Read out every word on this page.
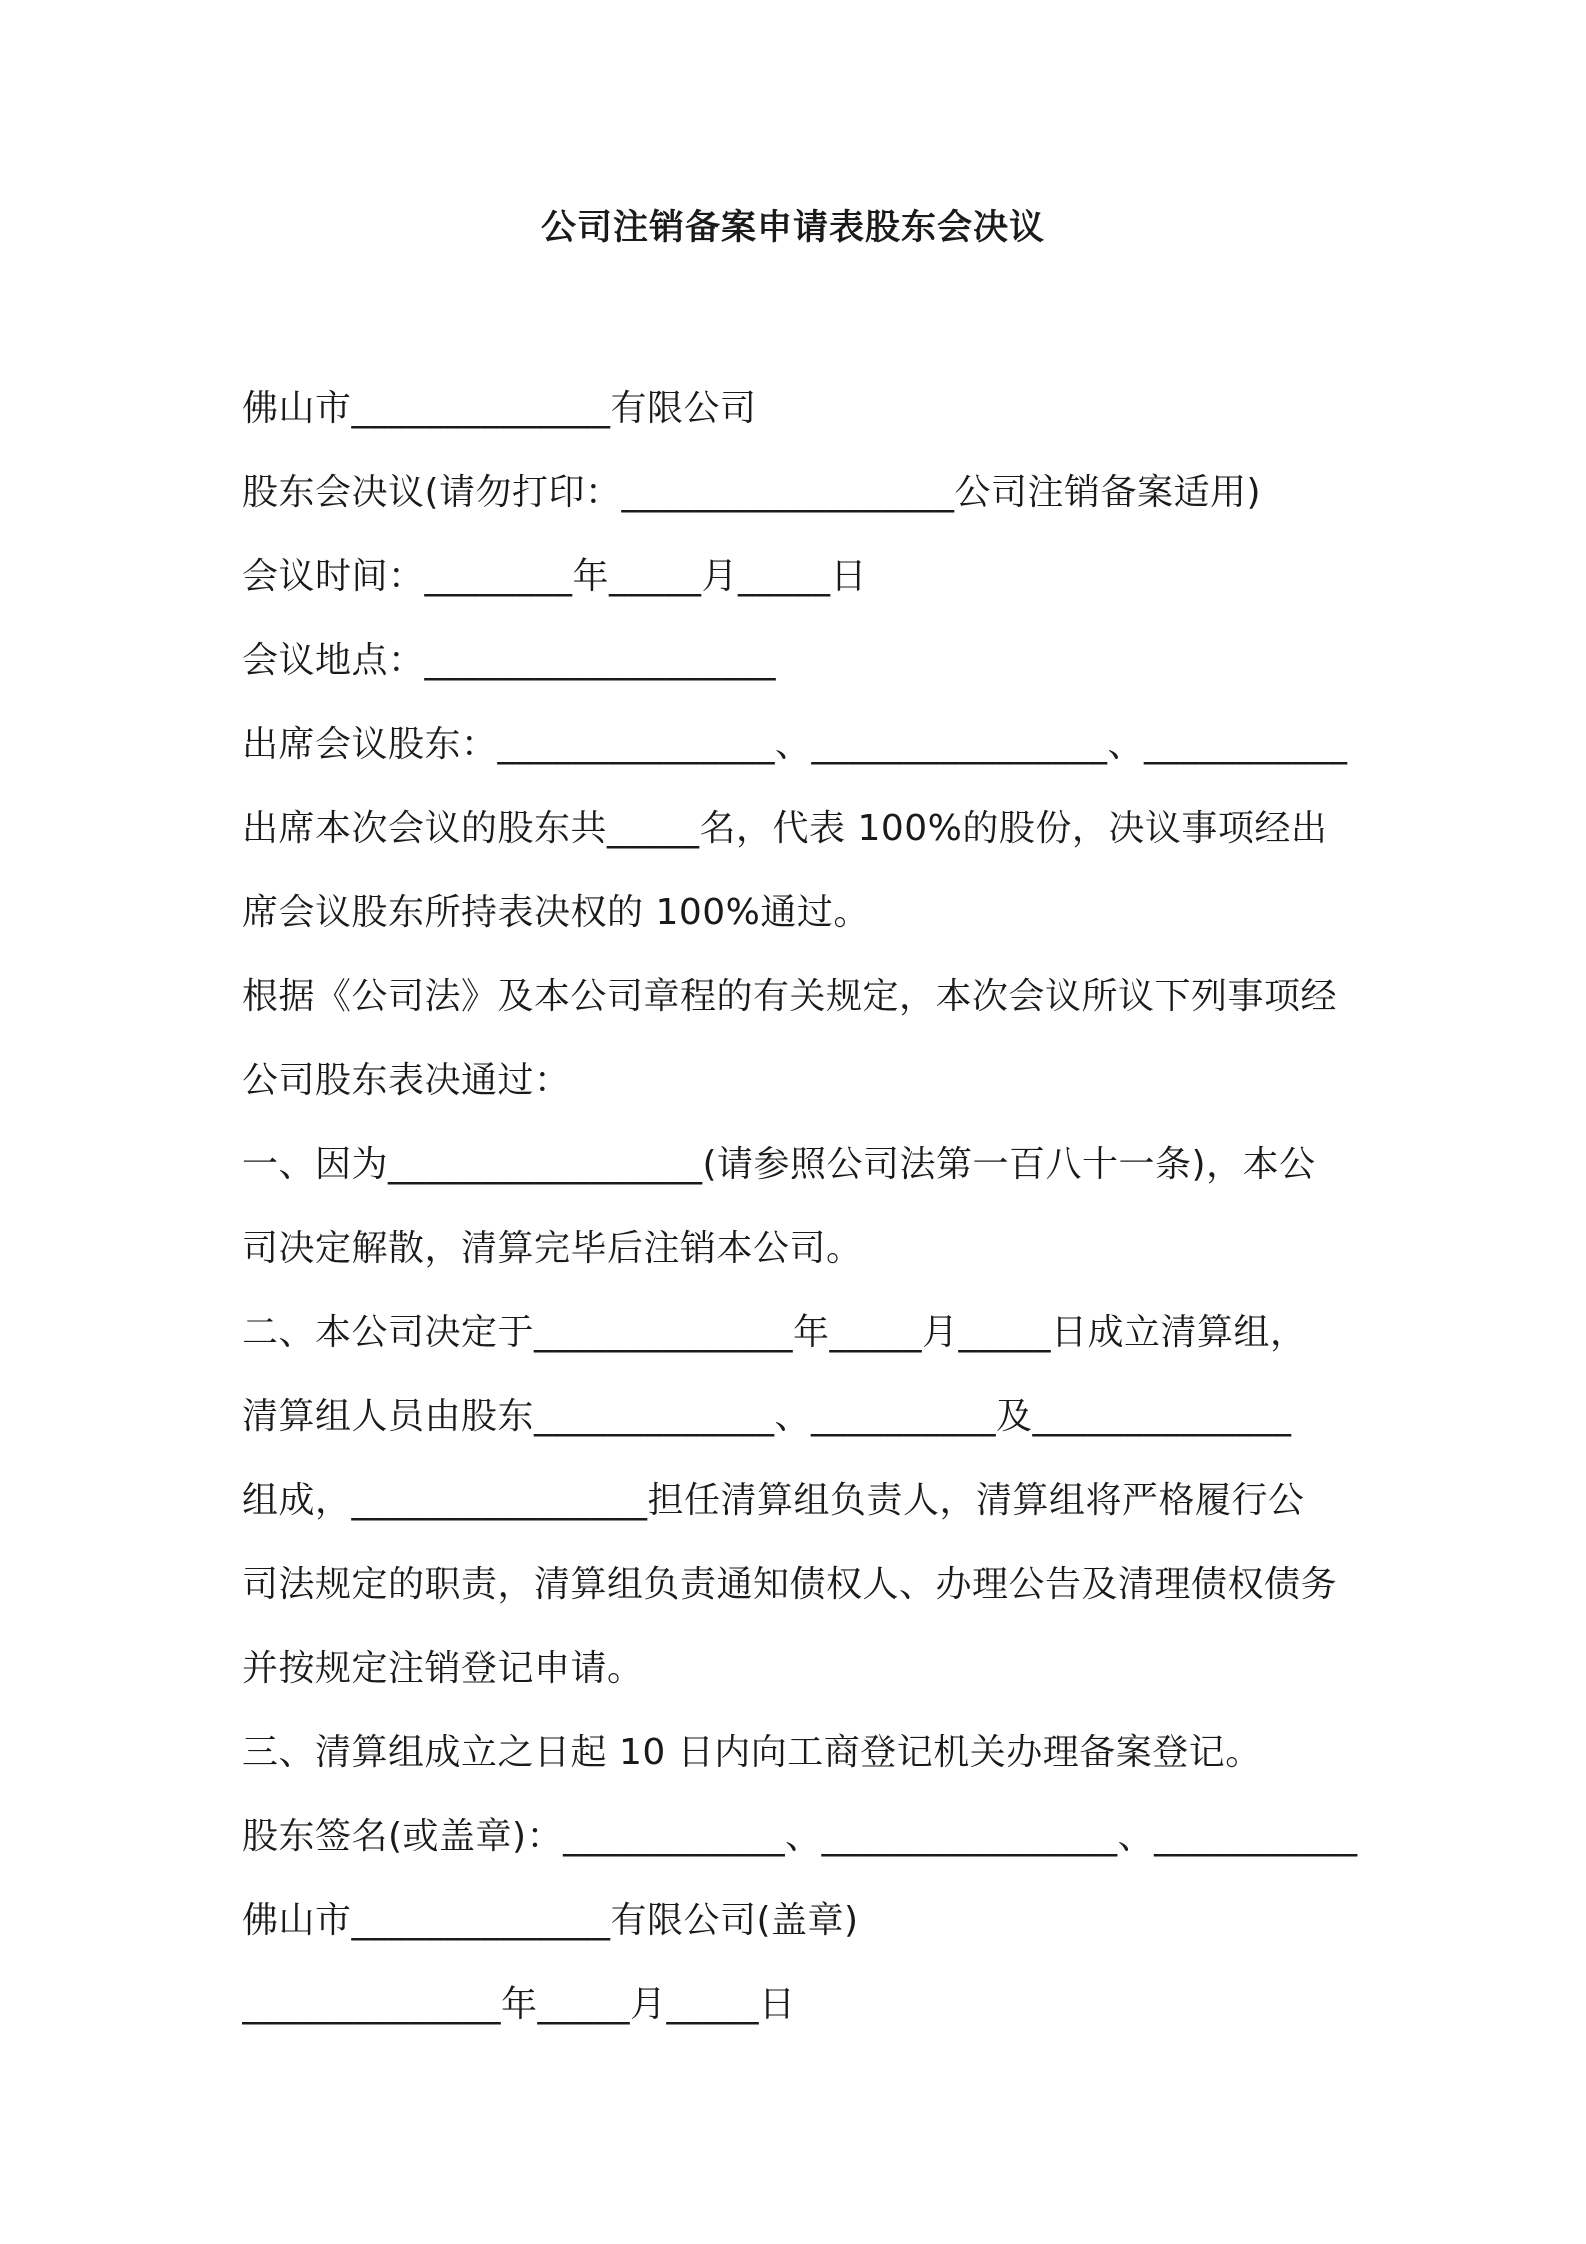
公司注销备案申请表股东会决议

佛山市______________有限公司

股东会决议(请勿打印：__________________公司注销备案适用)

会议时间：________年_____月_____日

会议地点：___________________

出席会议股东：_______________、________________、___________

出席本次会议的股东共_____名，代表 100%的股份，决议事项经出

席会议股东所持表决权的 100%通过。

根据《公司法》及本公司章程的有关规定，本次会议所议下列事项经

公司股东表决通过：

一、因为_________________(请参照公司法第一百八十一条)，本公

司决定解散，清算完毕后注销本公司。

二、本公司决定于______________年_____月_____日成立清算组，

清算组人员由股东_____________、__________及______________

组成，________________担任清算组负责人，清算组将严格履行公

司法规定的职责，清算组负责通知债权人、办理公告及清理债权债务

并按规定注销登记申请。

三、清算组成立之日起 10 日内向工商登记机关办理备案登记。

股东签名(或盖章)：____________、________________、___________

佛山市______________有限公司(盖章)

______________年_____月_____日
